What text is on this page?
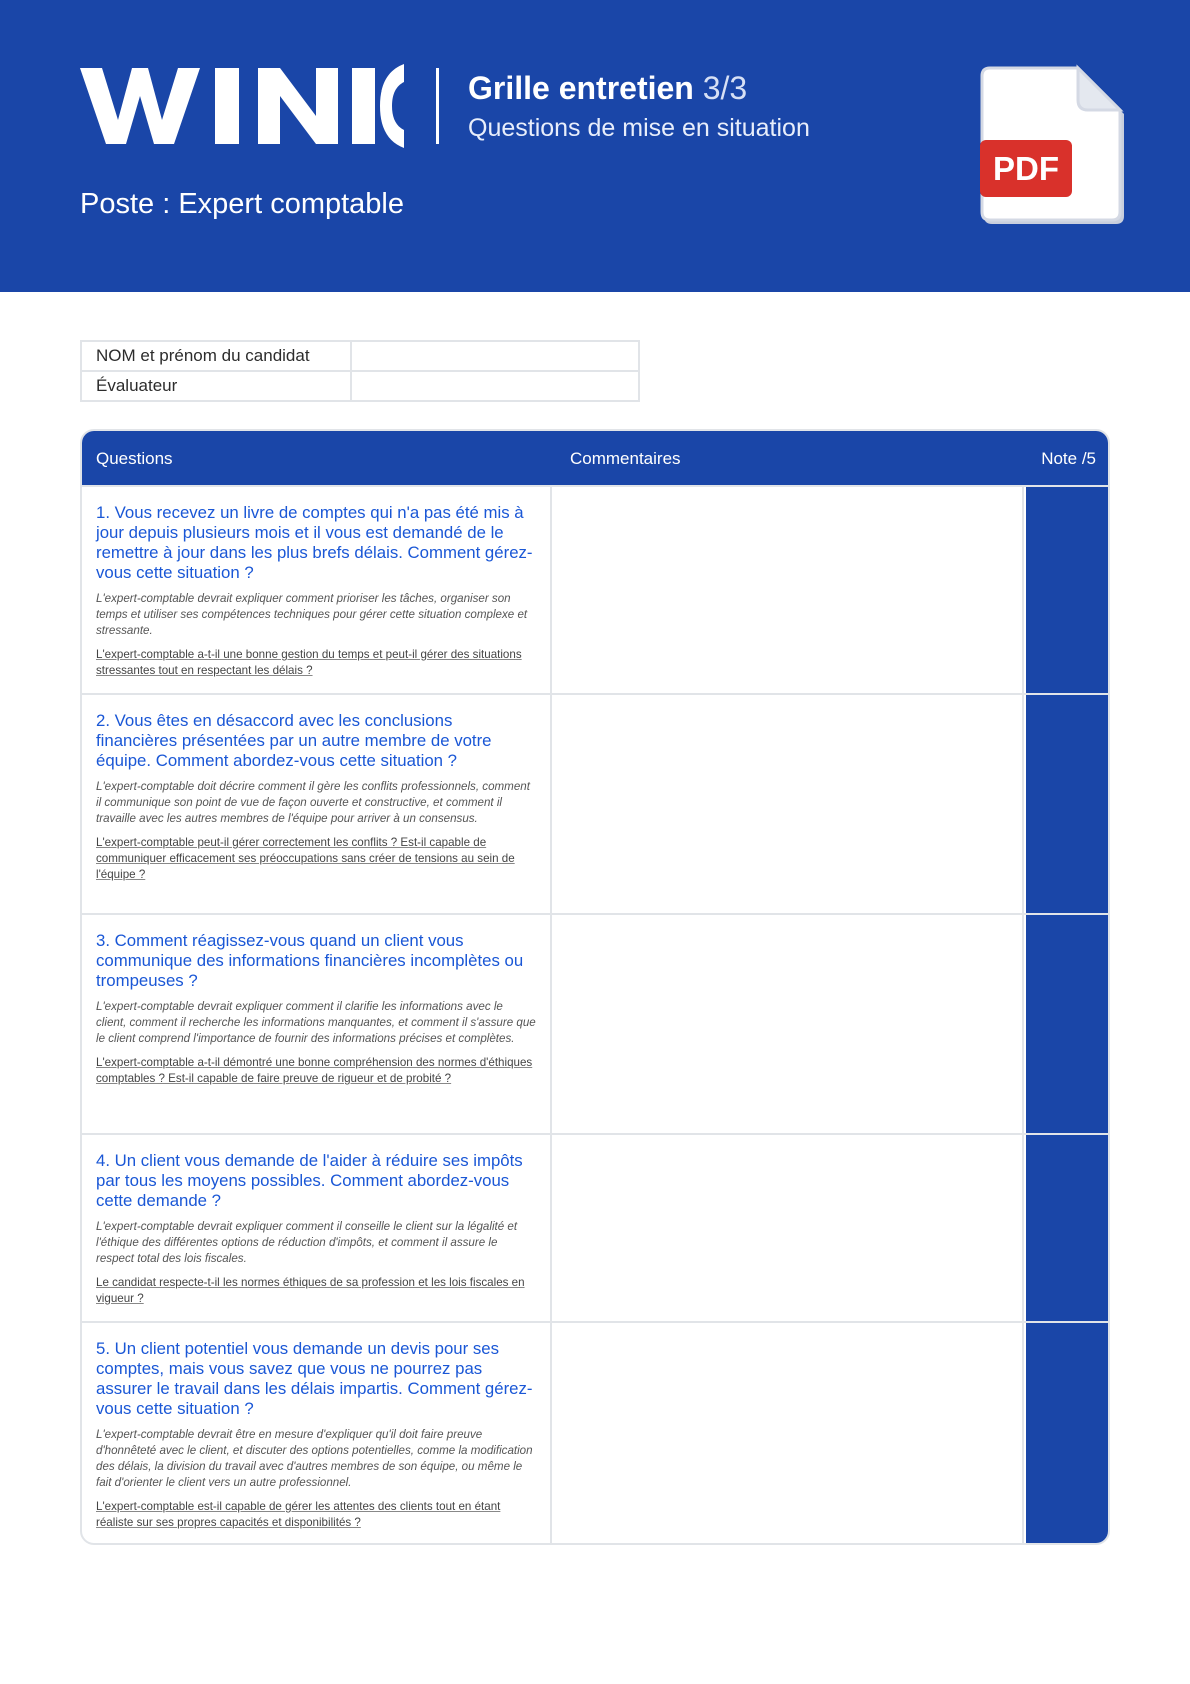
Grille entretien 3/3
Questions de mise en situation
Poste : Expert comptable
PDF
NOM et prénom du candidat	
Évaluateur	
Questions	Commentaires	Note /5
1. Vous recevez un livre de comptes qui n'a pas été mis à jour depuis plusieurs mois et il vous est demandé de le remettre à jour dans les plus brefs délais. Comment gérez-vous cette situation ?
L'expert-comptable devrait expliquer comment prioriser les tâches, organiser son temps et utiliser ses compétences techniques pour gérer cette situation complexe et stressante.
L'expert-comptable a-t-il une bonne gestion du temps et peut-il gérer des situations stressantes tout en respectant les délais ?
2. Vous êtes en désaccord avec les conclusions financières présentées par un autre membre de votre équipe. Comment abordez-vous cette situation ?
L'expert-comptable doit décrire comment il gère les conflits professionnels, comment il communique son point de vue de façon ouverte et constructive, et comment il travaille avec les autres membres de l'équipe pour arriver à un consensus.
L'expert-comptable peut-il gérer correctement les conflits ? Est-il capable de communiquer efficacement ses préoccupations sans créer de tensions au sein de l'équipe ?
3. Comment réagissez-vous quand un client vous communique des informations financières incomplètes ou trompeuses ?
L'expert-comptable devrait expliquer comment il clarifie les informations avec le client, comment il recherche les informations manquantes, et comment il s'assure que le client comprend l'importance de fournir des informations précises et complètes.
L'expert-comptable a-t-il démontré une bonne compréhension des normes d'éthiques comptables ? Est-il capable de faire preuve de rigueur et de probité ?
4. Un client vous demande de l'aider à réduire ses impôts par tous les moyens possibles. Comment abordez-vous cette demande ?
L'expert-comptable devrait expliquer comment il conseille le client sur la légalité et l'éthique des différentes options de réduction d'impôts, et comment il assure le respect total des lois fiscales.
Le candidat respecte-t-il les normes éthiques de sa profession et les lois fiscales en vigueur ?
5. Un client potentiel vous demande un devis pour ses comptes, mais vous savez que vous ne pourrez pas assurer le travail dans les délais impartis. Comment gérez-vous cette situation ?
L'expert-comptable devrait être en mesure d'expliquer qu'il doit faire preuve d'honnêteté avec le client, et discuter des options potentielles, comme la modification des délais, la division du travail avec d'autres membres de son équipe, ou même le fait d'orienter le client vers un autre professionnel.
L'expert-comptable est-il capable de gérer les attentes des clients tout en étant réaliste sur ses propres capacités et disponibilités ?
